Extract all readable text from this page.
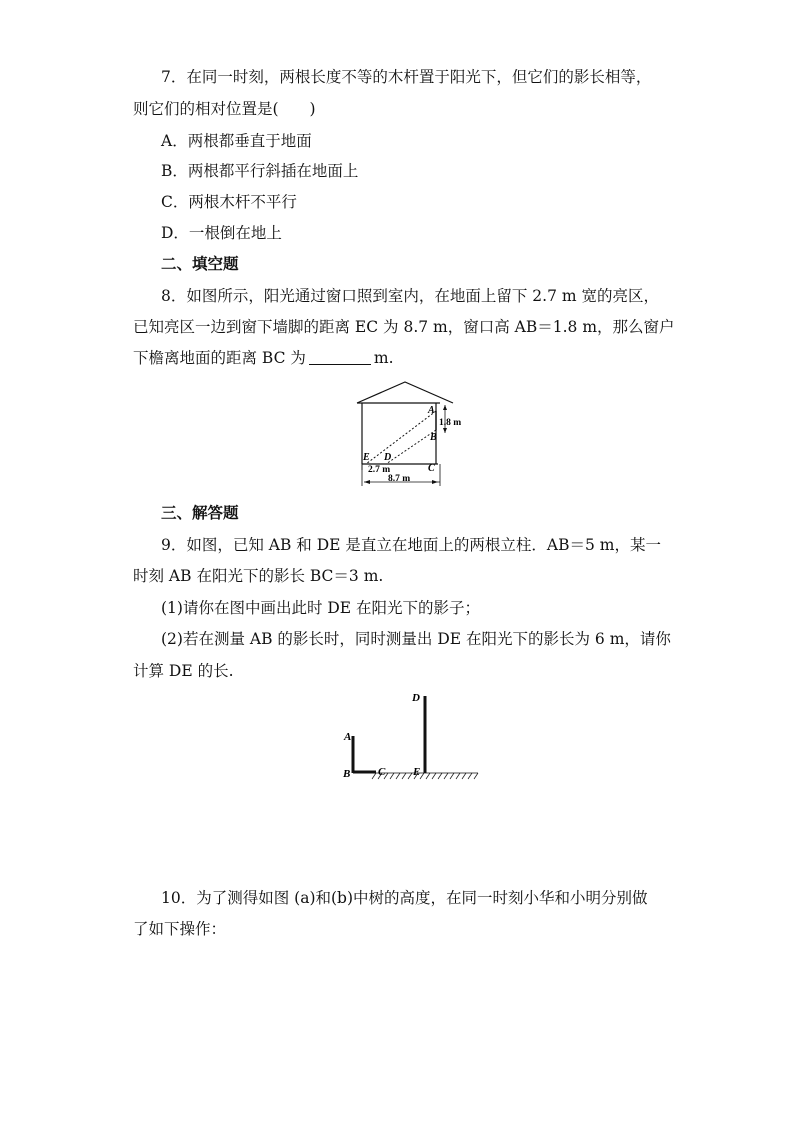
7．在同一时刻，两根长度不等的木杆置于阳光下，但它们的影长相等，
则它们的相对位置是(　　)
A．两根都垂直于地面
B．两根都平行斜插在地面上
C．两根木杆不平行
D．一根倒在地上
二、填空题
8．如图所示，阳光通过窗口照到室内，在地面上留下 2.7 m 宽的亮区，
已知亮区一边到窗下墙脚的距离 EC 为 8.7 m，窗口高 AB＝1.8 m，那么窗户
下檐离地面的距离 BC 为	m.
A
B
C
D
E
1.8 m
2.7 m
8.7 m
三、解答题
9．如图，已知 AB 和 DE 是直立在地面上的两根立柱．AB＝5 m，某一
时刻 AB 在阳光下的影长 BC＝3 m.
(1)请你在图中画出此时 DE 在阳光下的影子；
(2)若在测量 AB 的影长时，同时测量出 DE 在阳光下的影长为 6 m，请你
计算 DE 的长.
A
B	C
D
E
10．为了测得如图 (a)和(b)中树的高度，在同一时刻小华和小明分别做
了如下操作：
